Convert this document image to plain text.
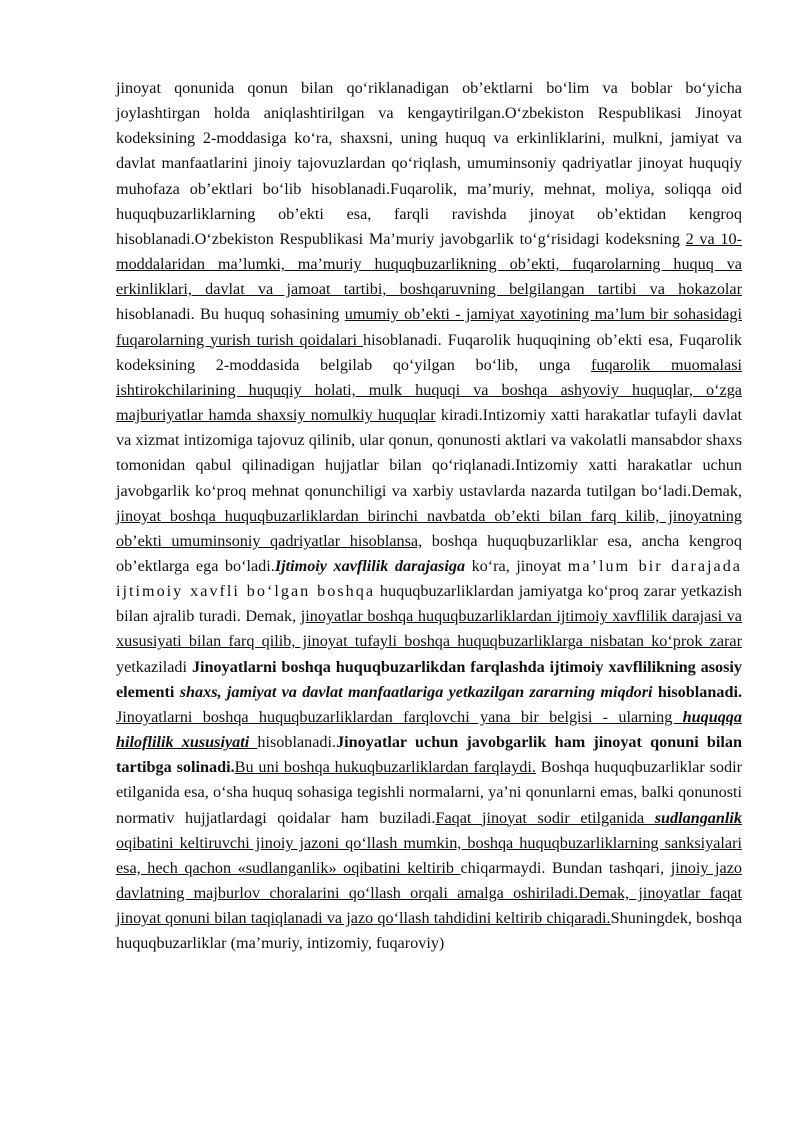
jinoyat qonunida qonun bilan qo‘riklanadigan ob’ektlarni bo‘lim va boblar bo‘yicha joylashtirgan holda aniqlashtirilgan va kengaytirilgan.O‘zbekiston Respublikasi Jinoyat kodeksining 2-moddasiga ko‘ra, shaxsni, uning huquq va erkinliklarini, mulkni, jamiyat va davlat manfaatlarini jinoiy tajovuzlardan qo‘riqlash, umuminsoniy qadriyatlar jinoyat huquqiy muhofaza ob’ektlari bo‘lib hisoblanadi.Fuqarolik, ma’muriy, mehnat, moliya, soliqqa oid huquqbuzarliklarning ob’ekti esa, farqli ravishda jinoyat ob’ektidan kengroq hisoblanadi.O‘zbekiston Respublikasi Ma’muriy javobgarlik to‘g‘risidagi kodeksning 2 va 10-moddalaridan ma’lumki, ma’muriy huquqbuzarlikning ob’ekti, fuqarolarning huquq va erkinliklari, davlat va jamoat tartibi, boshqaruvning belgilangan tartibi va hokazolar hisoblanadi. Bu huquq sohasining umumiy ob’ekti - jamiyat xayotining ma’lum bir sohasidagi fuqarolarning yurish turish qoidalari hisoblanadi. Fuqarolik huquqining ob’ekti esa, Fuqarolik kodeksining 2-moddasida belgilab qo‘yilgan bo‘lib, unga fuqarolik muomalasi ishtirokchilarining huquqiy holati, mulk huquqi va boshqa ashyoviy huquqlar, o‘zga majburiyatlar hamda shaxsiy nomulkiy huquqlar kiradi.Intizomiy xatti harakatlar tufayli davlat va xizmat intizomiga tajovuz qilinib, ular qonun, qonunosti aktlari va vakolatli mansabdor shaxs tomonidan qabul qilinadigan hujjatlar bilan qo‘riqlanadi.Intizomiy xatti harakatlar uchun javobgarlik ko‘proq mehnat qonunchiligi va xarbiy ustavlarda nazarda tutilgan bo‘ladi.Demak, jinoyat boshqa huquqbuzarliklardan birinchi navbatda ob’ekti bilan farq kilib, jinoyatning ob’ekti umuminsoniy qadriyatlar hisoblansa, boshqa huquqbuzarliklar esa, ancha kengroq ob’ektlarga ega bo‘ladi.Ijtimoiy xavflilik darajasiga ko‘ra, jinoyat ma’lum bir darajada ijtimoiy xavfli bo‘lgan boshqa huquqbuzarliklardan jamiyatga ko‘proq zarar yetkazish bilan ajralib turadi. Demak, jinoyatlar boshqa huquqbuzarliklardan ijtimoiy xavflilik darajasi va xususiyati bilan farq qilib, jinoyat tufayli boshqa huquqbuzarliklarga nisbatan ko‘prok zarar yetkaziladi Jinoyatlarni boshqa huquqbuzarlikdan farqlashda ijtimoiy xavflilikning asosiy elementi shaxs, jamiyat va davlat manfaatlariga yetkazilgan zararning miqdori hisoblanadi. Jinoyatlarni boshqa huquqbuzarliklardan farqlovchi yana bir belgisi - ularning huquqqa hiloflilik xususiyati hisoblanadi.Jinoyatlar uchun javobgarlik ham jinoyat qonuni bilan tartibga solinadi.Bu uni boshqa hukuqbuzarliklardan farqlaydi. Boshqa huquqbuzarliklar sodir etilganida esa, o‘sha huquq sohasiga tegishli normalarni, ya’ni qonunlarni emas, balki qonunosti normativ hujjatlardagi qoidalar ham buziladi.Faqat jinoyat sodir etilganida sudlanganlik oqibatini keltiruvchi jinoiy jazoni qo‘llash mumkin, boshqa huquqbuzarliklarning sanksiyalari esa, hech qachon «sudlanganlik» oqibatini keltirib chiqarmaydi. Bundan tashqari, jinoiy jazo davlatning majburlov choralarini qo‘llash orqali amalga oshiriladi.Demak, jinoyatlar faqat jinoyat qonuni bilan taqiqlanadi va jazo qo‘llash tahdidini keltirib chiqaradi.Shuningdek, boshqa huquqbuzarliklar (ma’muriy, intizomiy, fuqaroviy)
